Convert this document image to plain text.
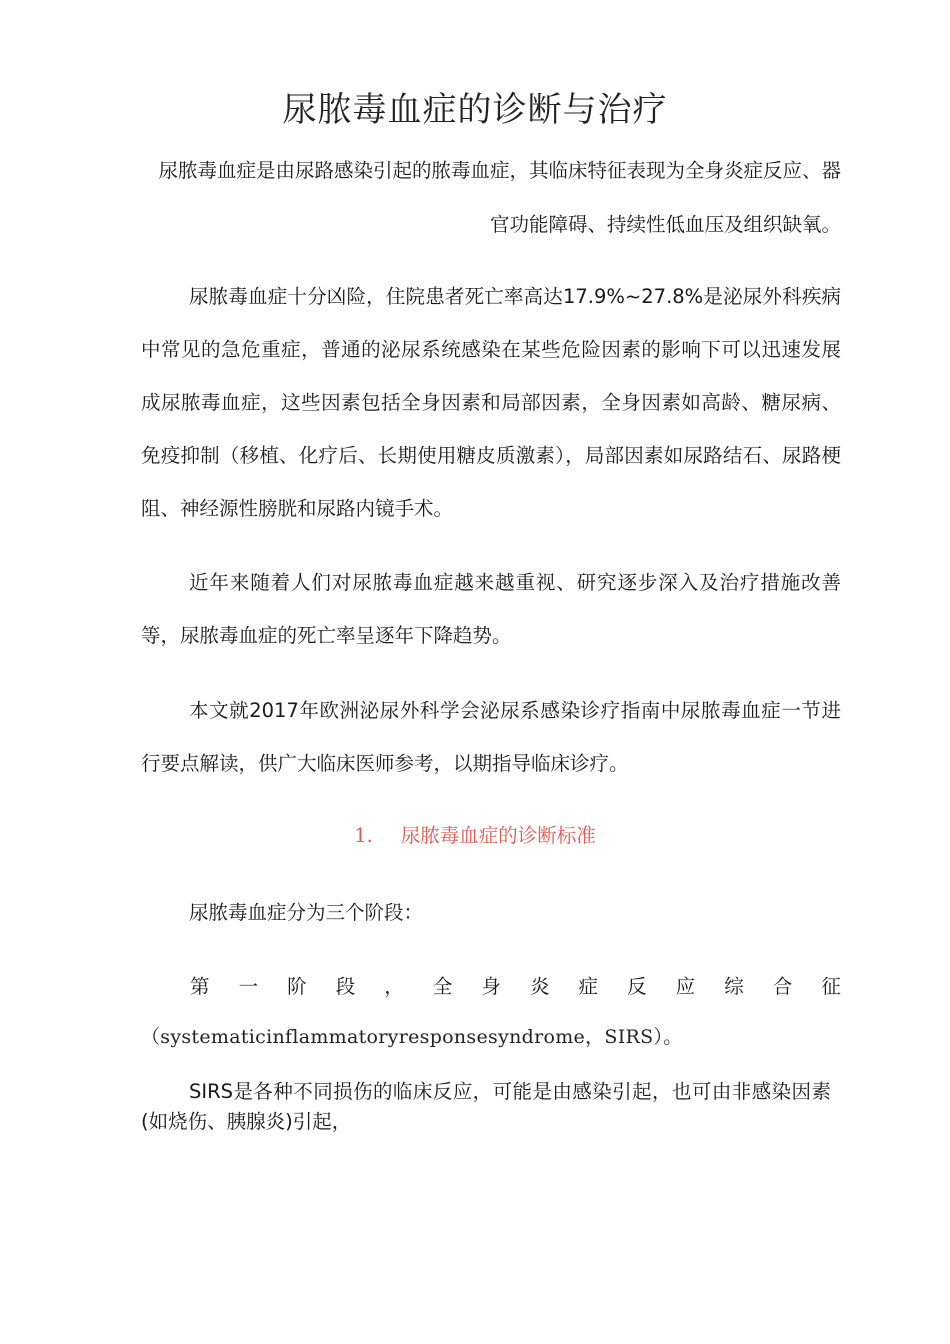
尿脓毒血症的诊断与治疗
尿脓毒血症是由尿路感染引起的脓毒血症，其临床特征表现为全身炎症反应、器官功能障碍、持续性低血压及组织缺氧。
尿脓毒血症十分凶险，住院患者死亡率高达17.9%~27.8%是泌尿外科疾病中常见的急危重症，普通的泌尿系统感染在某些危险因素的影响下可以迅速发展成尿脓毒血症，这些因素包括全身因素和局部因素，全身因素如高龄、糖尿病、免疫抑制（移植、化疗后、长期使用糖皮质激素），局部因素如尿路结石、尿路梗阻、神经源性膀胱和尿路内镜手术。
近年来随着人们对尿脓毒血症越来越重视、研究逐步深入及治疗措施改善等，尿脓毒血症的死亡率呈逐年下降趋势。
本文就2017年欧洲泌尿外科学会泌尿系感染诊疗指南中尿脓毒血症一节进行要点解读，供广大临床医师参考，以期指导临床诊疗。
1. 尿脓毒血症的诊断标准
尿脓毒血症分为三个阶段：
第 一 阶 段 ， 全 身 炎 症 反 应 综 合 征
（systematicinflammatoryresponsesyndrome，SIRS）。
SIRS是各种不同损伤的临床反应，可能是由感染引起，也可由非感染因素(如烧伤、胰腺炎)引起，
